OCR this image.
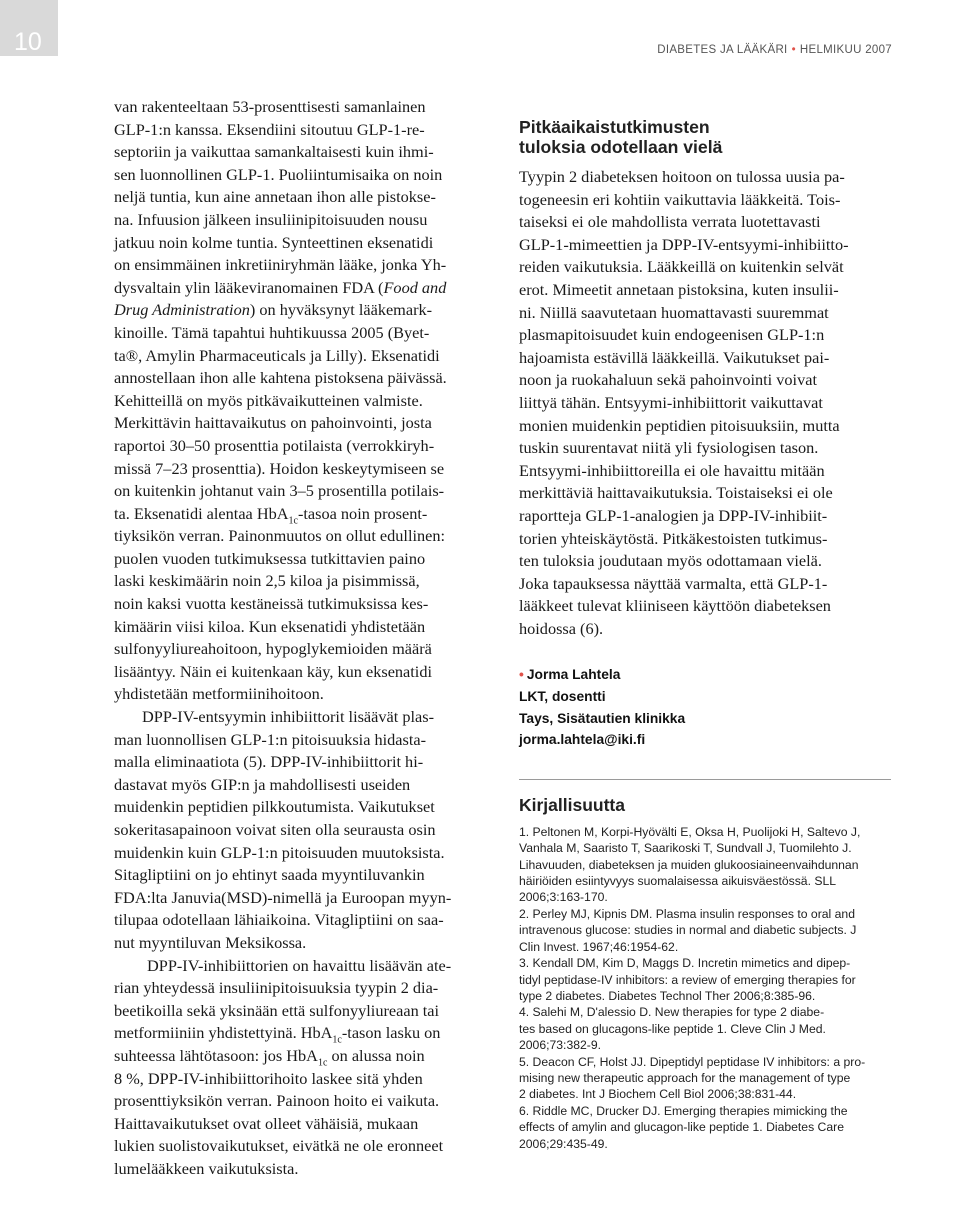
10	DIABETES JA LÄÄKÄRI • HELMIKUU 2007

van rakenteeltaan 53-prosenttisesti samanlainen
GLP-1:n kanssa. Eksendiini sitoutuu GLP-1-re-
septoriin ja vaikuttaa samankaltaisesti kuin ihmi-
sen luonnollinen GLP-1. Puoliintumisaika on noin
neljä tuntia, kun aine annetaan ihon alle pistokse-
na. Infuusion jälkeen insuliinipitoisuuden nousu
jatkuu noin kolme tuntia. Synteettinen eksenatidi
on ensimmäinen inkretiiniryhmän lääke, jonka Yh-
dysvaltain ylin lääkeviranomainen FDA (Food and
Drug Administration) on hyväksynyt lääkemark-
kinoille. Tämä tapahtui huhtikuussa 2005 (Byet-
ta®, Amylin Pharmaceuticals ja Lilly). Eksenatidi
annostellaan ihon alle kahtena pistoksena päivässä.
Kehitteillä on myös pitkävaikutteinen valmiste.
Merkittävin haittavaikutus on pahoinvointi, josta
raportoi 30–50 prosenttia potilaista (verrokkiryh-
missä 7–23 prosenttia). Hoidon keskeytymiseen se
on kuitenkin johtanut vain 3–5 prosentilla potilais-
ta. Eksenatidi alentaa HbA$_{1c}$-tasoa noin prosent-
tiyksikön verran. Painonmuutos on ollut edullinen:
puolen vuoden tutkimuksessa tutkittavien paino
laski keskimäärin noin 2,5 kiloa ja pisimmissä,
noin kaksi vuotta kestäneissä tutkimuksissa kes-
kimäärin viisi kiloa. Kun eksenatidi yhdistetään
sulfonyyliureahoitoon, hypoglykemioiden määrä
lisääntyy. Näin ei kuitenkaan käy, kun eksenatidi
yhdistetään metformiinihoitoon.

DPP-IV-entsyymin inhibiittorit lisäävät plas-
man luonnollisen GLP-1:n pitoisuuksia hidasta-
malla eliminaatiota (5). DPP-IV-inhibiittorit hi-
dastavat myös GIP:n ja mahdollisesti useiden
muidenkin peptidien pilkkoutumista. Vaikutukset
sokeritasapainoon voivat siten olla seurausta osin
muidenkin kuin GLP-1:n pitoisuuden muutoksista.
Sitagliptiini on jo ehtinyt saada myyntiluvankin
FDA:lta Januvia(MSD)-nimellä ja Euroopan myyn-
tilupaa odotellaan lähiaikoina. Vitagliptiini on saa-
nut myyntiluvan Meksikossa.

DPP-IV-inhibiittorien on havaittu lisäävän ate-
rian yhteydessä insuliinipitoisuuksia tyypin 2 dia-
beetikoilla sekä yksinään että sulfonyyliureaan tai
metformiiniin yhdistettyinä. HbA$_{1c}$-tason lasku on
suhteessa lähtötasoon: jos HbA$_{1c}$ on alussa noin
8 %, DPP-IV-inhibiittorihoito laskee sitä yhden
prosenttiyksikön verran. Painoon hoito ei vaikuta.
Haittavaikutukset ovat olleet vähäisiä, mukaan
lukien suolistovaikutukset, eivätkä ne ole eronneet
lumelääkkeen vaikutuksista.

Pitkäaikaistutkimusten
tuloksia odotellaan vielä

Tyypin 2 diabeteksen hoitoon on tulossa uusia pa-
togeneesin eri kohtiin vaikuttavia lääkkeitä. Tois-
taiseksi ei ole mahdollista verrata luotettavasti
GLP-1-mimeettien ja DPP-IV-entsyymi-inhibiitto-
reiden vaikutuksia. Lääkkeillä on kuitenkin selvät
erot. Mimeetit annetaan pistoksina, kuten insulii-
ni. Niillä saavutetaan huomattavasti suuremmat
plasmapitoisuudet kuin endogeenisen GLP-1:n
hajoamista estävillä lääkkeillä. Vaikutukset pai-
noon ja ruokahaluun sekä pahoinvointi voivat
liittyä tähän. Entsyymi-inhibiittorit vaikuttavat
monien muidenkin peptidien pitoisuuksiin, mutta
tuskin suurentavat niitä yli fysiologisen tason.
Entsyymi-inhibiittoreilla ei ole havaittu mitään
merkittäviä haittavaikutuksia. Toistaiseksi ei ole
raportteja GLP-1-analogien ja DPP-IV-inhibiit-
torien yhteiskäytöstä. Pitkäkestoisten tutkimus-
ten tuloksia joudutaan myös odottamaan vielä.
Joka tapauksessa näyttää varmalta, että GLP-1-
lääkkeet tulevat kliiniseen käyttöön diabeteksen
hoidossa (6).

• Jorma Lahtela
LKT, dosentti
Tays, Sisätautien klinikka
jorma.lahtela@iki.fi
Kirjallisuutta
1. Peltonen M, Korpi-Hyövälti E, Oksa H, Puolijoki H, Saltevo J,
Vanhala M, Saaristo T, Saarikoski T, Sundvall J, Tuomilehto J.
Lihavuuden, diabeteksen ja muiden glukoosiaineenvaihdunnan
häiriöiden esiintyvyys suomalaisessa aikuisväestössä. SLL
2006;3:163-170.
2. Perley MJ, Kipnis DM. Plasma insulin responses to oral and
intravenous glucose: studies in normal and diabetic subjects. J
Clin Invest. 1967;46:1954-62.
3. Kendall DM, Kim D, Maggs D. Incretin mimetics and dipep-
tidyl peptidase-IV inhibitors: a review of emerging therapies for
type 2 diabetes. Diabetes Technol Ther 2006;8:385-96.
4. Salehi M, D'alessio D. New therapies for type 2 diabe-
tes based on glucagons-like peptide 1. Cleve Clin J Med.
2006;73:382-9.
5. Deacon CF, Holst JJ. Dipeptidyl peptidase IV inhibitors: a pro-
mising new therapeutic approach for the management of type
2 diabetes. Int J Biochem Cell Biol 2006;38:831-44.
6. Riddle MC, Drucker DJ. Emerging therapies mimicking the
effects of amylin and glucagon-like peptide 1. Diabetes Care
2006;29:435-49.
